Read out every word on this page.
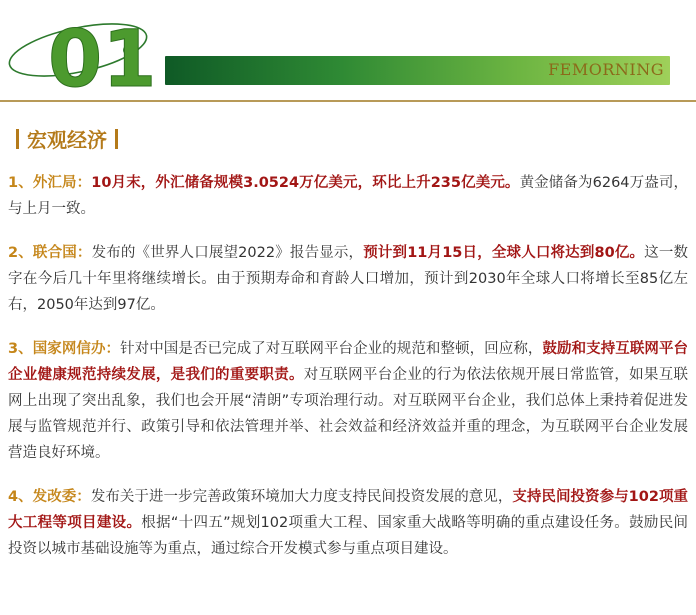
01	FEMORNING
宏观经济

1、外汇局：10月末，外汇储备规模3.0524万亿美元，环比上升235亿美元。黄金储备为6264万盎司，与上月一致。

2、联合国：发布的《世界人口展望2022》报告显示，预计到11月15日，全球人口将达到80亿。这一数字在今后几十年里将继续增长。由于预期寿命和育龄人口增加，预计到2030年全球人口将增长至85亿左右，2050年达到97亿。

3、国家网信办：针对中国是否已完成了对互联网平台企业的规范和整顿，回应称，鼓励和支持互联网平台企业健康规范持续发展，是我们的重要职责。对互联网平台企业的行为依法依规开展日常监管，如果互联网上出现了突出乱象，我们也会开展“清朗”专项治理行动。对互联网平台企业，我们总体上秉持着促进发展与监管规范并行、政策引导和依法管理并举、社会效益和经济效益并重的理念，为互联网平台企业发展营造良好环境。

4、发改委：发布关于进一步完善政策环境加大力度支持民间投资发展的意见，支持民间投资参与102项重大工程等项目建设。根据“十四五”规划102项重大工程、国家重大战略等明确的重点建设任务。鼓励民间投资以城市基础设施等为重点，通过综合开发模式参与重点项目建设。
